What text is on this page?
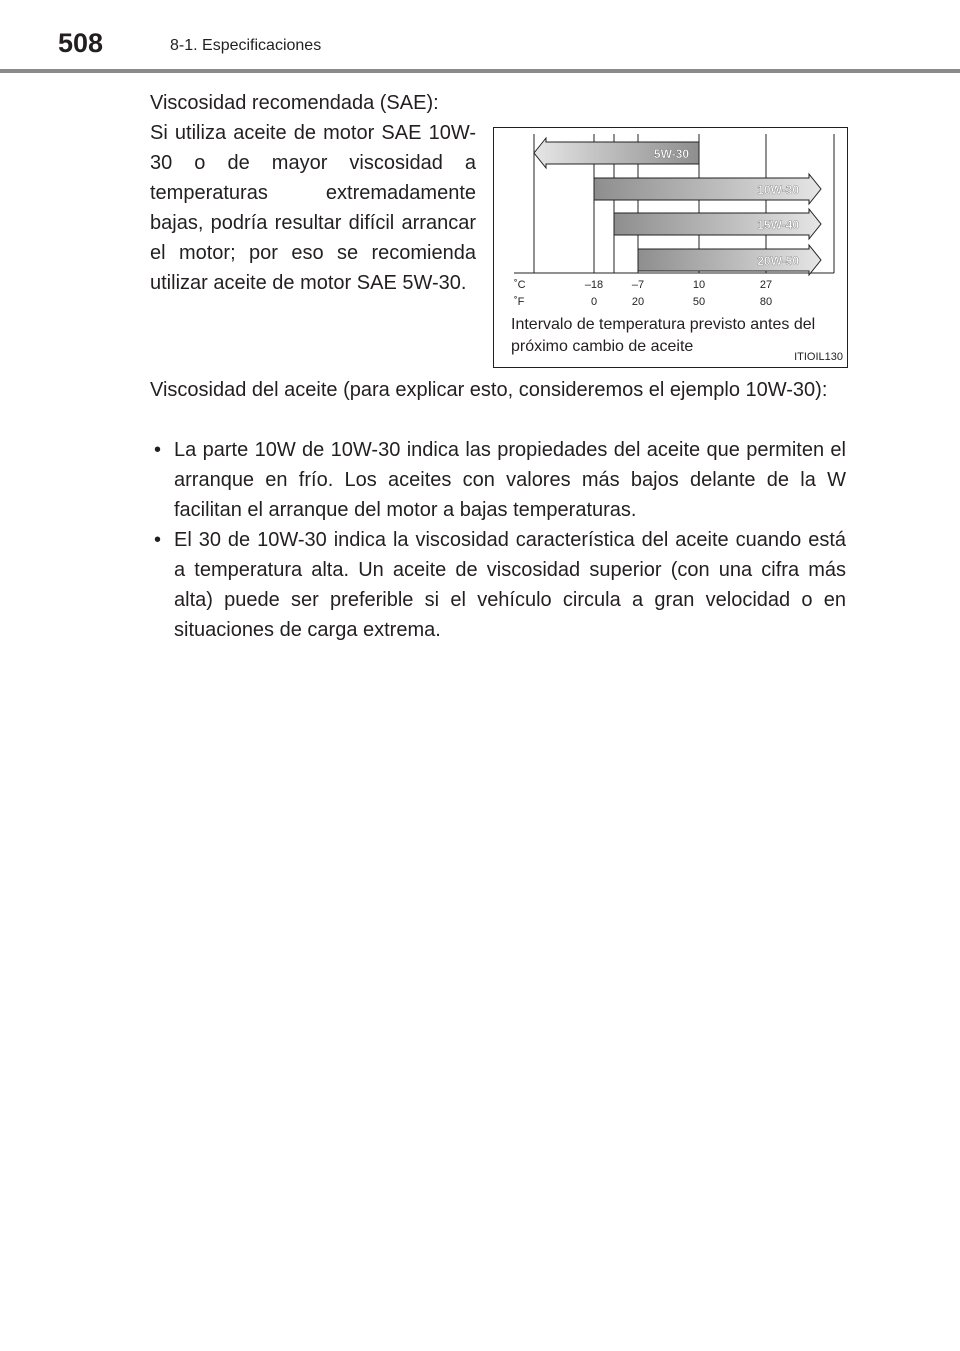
508	8-1. Especificaciones
Viscosidad recomendada (SAE):
Si utiliza aceite de motor SAE 10W-30 o de mayor viscosidad a temperaturas extremadamente bajas, podría resultar difícil arrancar el motor; por eso se recomienda utilizar aceite de motor SAE 5W-30.
5W-30
10W-30
15W-40
20W-50
˚C
˚F
–18	–7	10	27
0	20	50	80
Intervalo de temperatura previsto antes del próximo cambio de aceite
ITIOIL130
Viscosidad del aceite (para explicar esto, consideremos el ejemplo 10W-30):
• La parte 10W de 10W-30 indica las propiedades del aceite que permiten el arranque en frío. Los aceites con valores más bajos delante de la W facilitan el arranque del motor a bajas temperaturas.
• El 30 de 10W-30 indica la viscosidad característica del aceite cuando está a temperatura alta. Un aceite de viscosidad superior (con una cifra más alta) puede ser preferible si el vehículo circula a gran velocidad o en situaciones de carga extrema.
